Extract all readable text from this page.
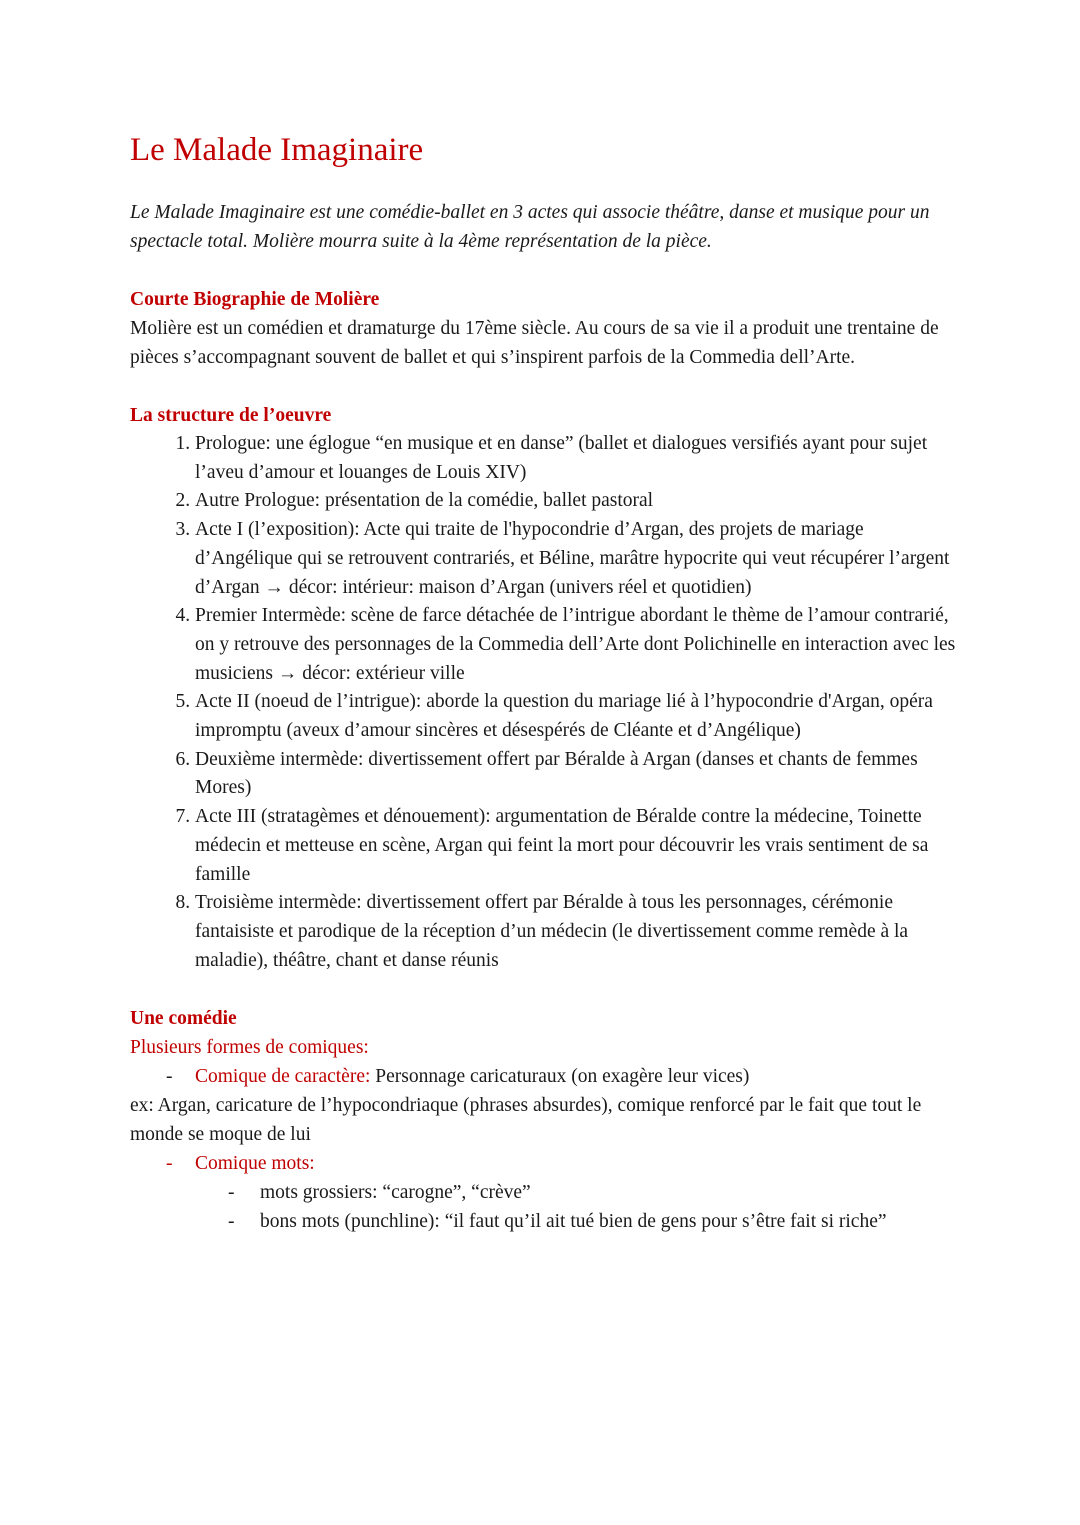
Le Malade Imaginaire

Le Malade Imaginaire est une comédie-ballet en 3 actes qui associe théâtre, danse et musique pour un spectacle total. Molière mourra suite à la 4ème représentation de la pièce.

Courte Biographie de Molière

Molière est un comédien et dramaturge du 17ème siècle. Au cours de sa vie il a produit une trentaine de pièces s’accompagnant souvent de ballet et qui s’inspirent parfois de la Commedia dell’Arte.

La structure de l’oeuvre

1. Prologue: une églogue “en musique et en danse” (ballet et dialogues versifiés ayant pour sujet l’aveu d’amour et louanges de Louis XIV)
2. Autre Prologue: présentation de la comédie, ballet pastoral
3. Acte I (l’exposition): Acte qui traite de l'hypocondrie d’Argan, des projets de mariage d’Angélique qui se retrouvent contrariés, et Béline, marâtre hypocrite qui veut récupérer l’argent d’Argan → décor: intérieur: maison d’Argan (univers réel et quotidien)
4. Premier Intermède: scène de farce détachée de l’intrigue abordant le thème de l’amour contrarié, on y retrouve des personnages de la Commedia dell’Arte dont Polichinelle en interaction avec les musiciens → décor: extérieur ville
5. Acte II (noeud de l’intrigue): aborde la question du mariage lié à l’hypocondrie d'Argan, opéra impromptu (aveux d’amour sincères et désespérés de Cléante et d’Angélique)
6. Deuxième intermède: divertissement offert par Béralde à Argan (danses et chants de femmes Mores)
7. Acte III (stratagèmes et dénouement): argumentation de Béralde contre la médecine, Toinette médecin et metteuse en scène, Argan qui feint la mort pour découvrir les vrais sentiment de sa famille
8. Troisième intermède: divertissement offert par Béralde à tous les personnages, cérémonie fantaisiste et parodique de la réception d’un médecin (le divertissement comme remède à la maladie), théâtre, chant et danse réunis

Une comédie

Plusieurs formes de comiques:

- Comique de caractère: Personnage caricaturaux (on exagère leur vices)

ex: Argan, caricature de l’hypocondriaque (phrases absurdes), comique renforcé par le fait que tout le monde se moque de lui

- Comique mots:
- mots grossiers: “carogne”, “crève”
- bons mots (punchline): “il faut qu’il ait tué bien de gens pour s’être fait si riche”
